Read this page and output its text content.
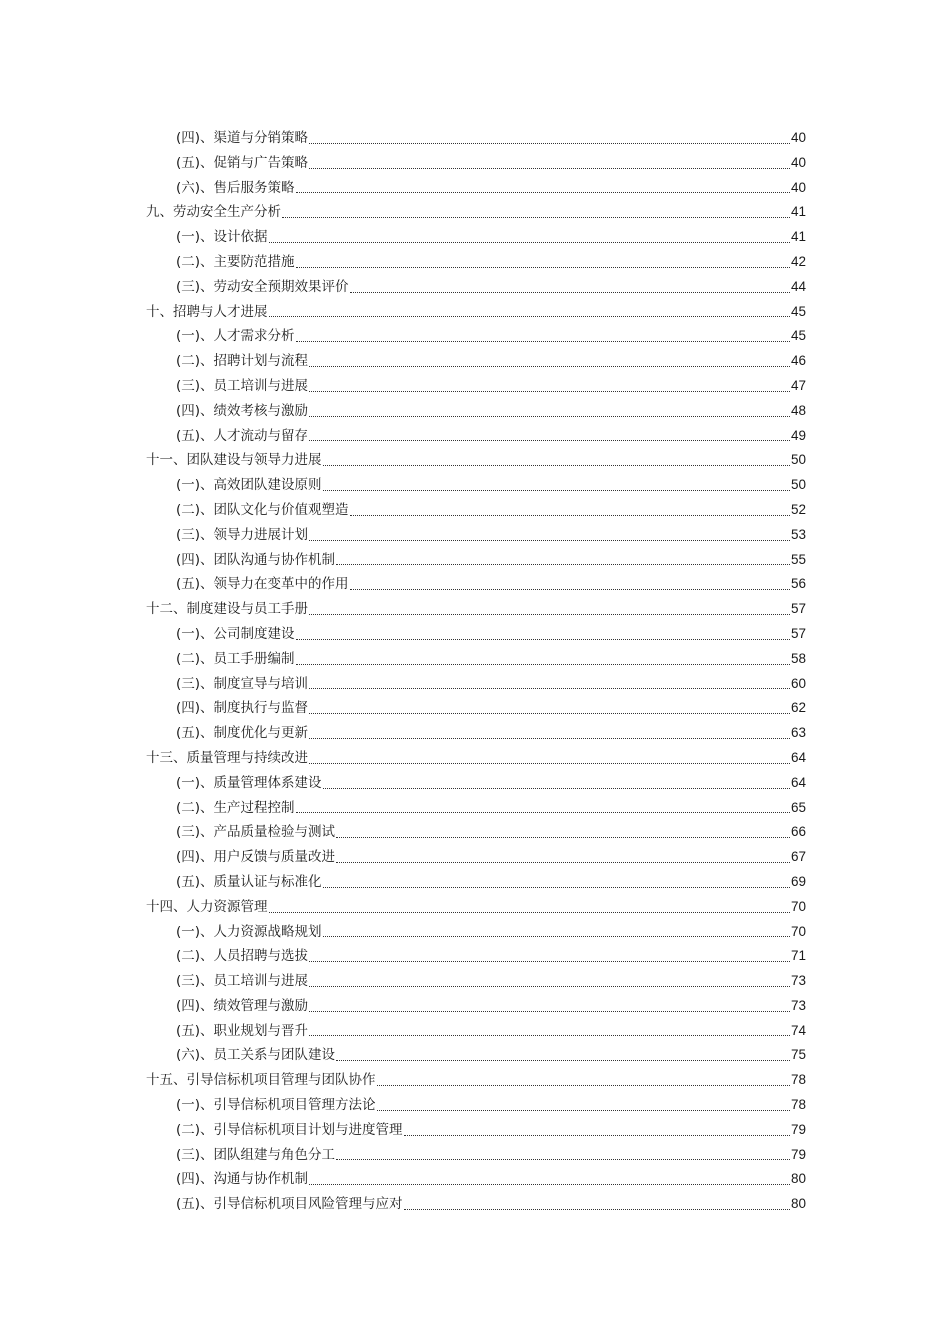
(四)、渠道与分销策略	40
(五)、促销与广告策略	40
(六)、售后服务策略	40
九、劳动安全生产分析	41
(一)、设计依据	41
(二)、主要防范措施	42
(三)、劳动安全预期效果评价	44
十、招聘与人才进展	45
(一)、人才需求分析	45
(二)、招聘计划与流程	46
(三)、员工培训与进展	47
(四)、绩效考核与激励	48
(五)、人才流动与留存	49
十一、团队建设与领导力进展	50
(一)、高效团队建设原则	50
(二)、团队文化与价值观塑造	52
(三)、领导力进展计划	53
(四)、团队沟通与协作机制	55
(五)、领导力在变革中的作用	56
十二、制度建设与员工手册	57
(一)、公司制度建设	57
(二)、员工手册编制	58
(三)、制度宣导与培训	60
(四)、制度执行与监督	62
(五)、制度优化与更新	63
十三、质量管理与持续改进	64
(一)、质量管理体系建设	64
(二)、生产过程控制	65
(三)、产品质量检验与测试	66
(四)、用户反馈与质量改进	67
(五)、质量认证与标准化	69
十四、人力资源管理	70
(一)、人力资源战略规划	70
(二)、人员招聘与选拔	71
(三)、员工培训与进展	73
(四)、绩效管理与激励	73
(五)、职业规划与晋升	74
(六)、员工关系与团队建设	75
十五、引导信标机项目管理与团队协作	78
(一)、引导信标机项目管理方法论	78
(二)、引导信标机项目计划与进度管理	79
(三)、团队组建与角色分工	79
(四)、沟通与协作机制	80
(五)、引导信标机项目风险管理与应对	80
